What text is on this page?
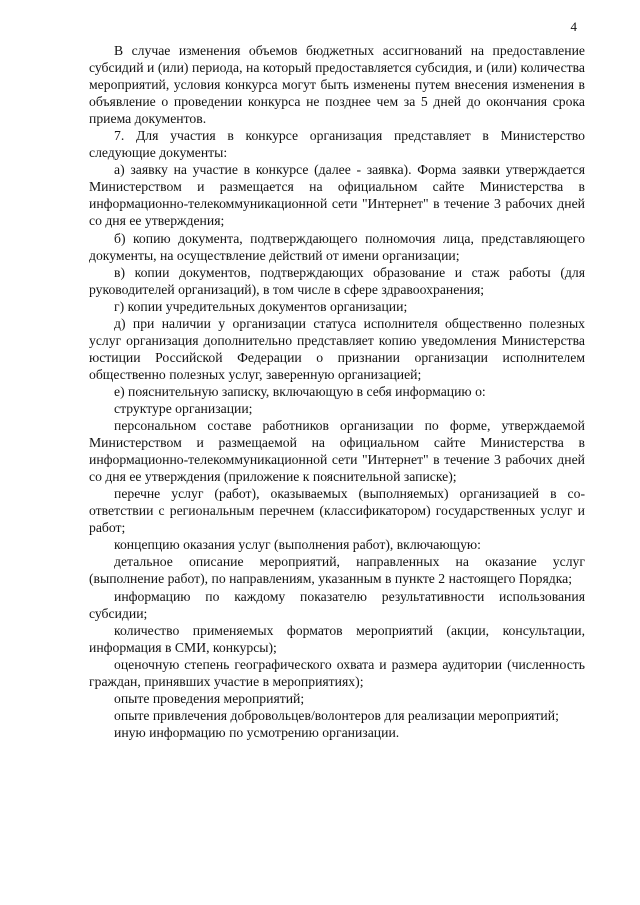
4

В случае изменения объемов бюджетных ассигнований на предоставление субсидий и (или) периода, на который предоставляется субсидия, и (или) количества мероприятий, условия конкурса могут быть изменены путем внесения изменения в объявление о проведении конкурса не позднее чем за 5 дней до окончания срока приема документов.

7. Для участия в конкурсе организация представляет в Министерство следующие документы:

а) заявку на участие в конкурсе (далее - заявка). Форма заявки утверждается Министерством и размещается на официальном сайте Министерства в информационно-телекоммуникационной сети "Интернет" в течение 3 рабочих дней со дня ее утверждения;

б) копию документа, подтверждающего полномочия лица, представляющего документы, на осуществление действий от имени организации;

в) копии документов, подтверждающих образование и стаж работы (для руководителей организаций), в том числе в сфере здравоохранения;

г) копии учредительных документов организации;

д) при наличии у организации статуса исполнителя общественно полезных услуг организация дополнительно представляет копию уведомления Министерства юстиции Российской Федерации о признании организации исполнителем общественно полезных услуг, заверенную организацией;

е) пояснительную записку, включающую в себя информацию о:

структуре организации;

персональном составе работников организации по форме, утверждаемой Министерством и размещаемой на официальном сайте Министерства в информационно-телекоммуникационной сети "Интернет" в течение 3 рабочих дней со дня ее утверждения (приложение к пояснительной записке);

перечне услуг (работ), оказываемых (выполняемых) организацией в соответствии с региональным перечнем (классификатором) государственных услуг и работ;

концепцию оказания услуг (выполнения работ), включающую:

детальное описание мероприятий, направленных на оказание услуг (выполнение работ), по направлениям, указанным в пункте 2 настоящего Порядка;

информацию по каждому показателю результативности использования субсидии;

количество применяемых форматов мероприятий (акции, консультации, информация в СМИ, конкурсы);

оценочную степень географического охвата и размера аудитории (численность граждан, принявших участие в мероприятиях);

опыте проведения мероприятий;

опыте привлечения добровольцев/волонтеров для реализации мероприятий;

иную информацию по усмотрению организации.
